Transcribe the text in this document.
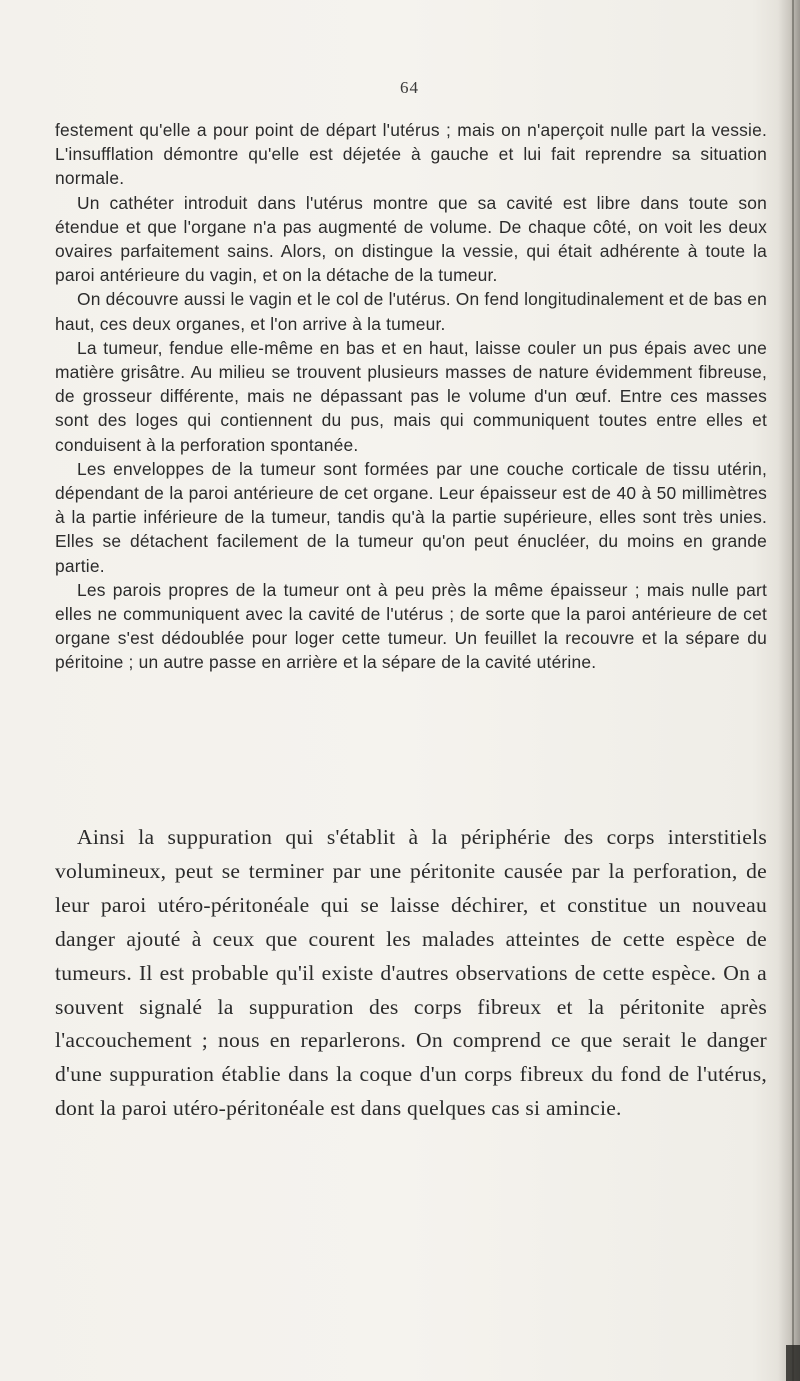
64

festement qu'elle a pour point de départ l'utérus ; mais on n'aperçoit nulle part la vessie. L'insufflation démontre qu'elle est déjetée à gauche et lui fait reprendre sa situation normale.

Un cathéter introduit dans l'utérus montre que sa cavité est libre dans toute son étendue et que l'organe n'a pas augmenté de volume. De chaque côté, on voit les deux ovaires parfaitement sains. Alors, on distingue la vessie, qui était adhérente à toute la paroi antérieure du vagin, et on la détache de la tumeur.

On découvre aussi le vagin et le col de l'utérus. On fend longitudinalement et de bas en haut, ces deux organes, et l'on arrive à la tumeur.

La tumeur, fendue elle-même en bas et en haut, laisse couler un pus épais avec une matière grisâtre. Au milieu se trouvent plusieurs masses de nature évidemment fibreuse, de grosseur différente, mais ne dépassant pas le volume d'un œuf. Entre ces masses sont des loges qui contiennent du pus, mais qui communiquent toutes entre elles et conduisent à la perforation spontanée.

Les enveloppes de la tumeur sont formées par une couche corticale de tissu utérin, dépendant de la paroi antérieure de cet organe. Leur épaisseur est de 40 à 50 millimètres à la partie inférieure de la tumeur, tandis qu'à la partie supérieure, elles sont très unies. Elles se détachent facilement de la tumeur qu'on peut énucléer, du moins en grande partie.

Les parois propres de la tumeur ont à peu près la même épaisseur ; mais nulle part elles ne communiquent avec la cavité de l'utérus ; de sorte que la paroi antérieure de cet organe s'est dédoublée pour loger cette tumeur. Un feuillet la recouvre et la sépare du péritoine ; un autre passe en arrière et la sépare de la cavité utérine.

Ainsi la suppuration qui s'établit à la périphérie des corps interstitiels volumineux, peut se terminer par une péritonite causée par la perforation, de leur paroi utéro-péritonéale qui se laisse déchirer, et constitue un nouveau danger ajouté à ceux que courent les malades atteintes de cette espèce de tumeurs. Il est probable qu'il existe d'autres observations de cette espèce. On a souvent signalé la suppuration des corps fibreux et la péritonite après l'accouchement ; nous en reparlerons. On comprend ce que serait le danger d'une suppuration établie dans la coque d'un corps fibreux du fond de l'utérus, dont la paroi utéro-péritonéale est dans quelques cas si amincie.
